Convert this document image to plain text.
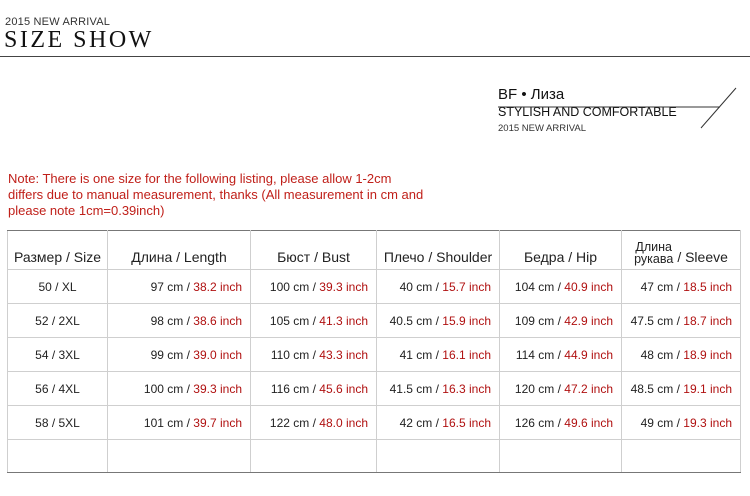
2015 NEW ARRIVAL
SIZE SHOW
BF • Лиза
STYLISH AND COMFORTABLE
2015 NEW ARRIVAL
Note: There is one size for the following listing, please allow 1-2cm differs due to manual measurement, thanks (All measurement in cm and please note 1cm=0.39inch)
Размер / Size	Длина / Length	Бюст / Bust	Плечо / Shoulder	Бедра / Hip	Длина
рукава / Sleeve

50 / XL	97 cm / 38.2 inch	100 cm / 39.3 inch	40 cm / 15.7 inch	104 cm / 40.9 inch	47 cm / 18.5 inch
52 / 2XL	98 cm / 38.6 inch	105 cm / 41.3 inch	40.5 cm / 15.9 inch	109 cm / 42.9 inch	47.5 cm / 18.7 inch
54 / 3XL	99 cm / 39.0 inch	110 cm / 43.3 inch	41 cm / 16.1 inch	114 cm / 44.9 inch	48 cm / 18.9 inch
56 / 4XL	100 cm / 39.3 inch	116 cm / 45.6 inch	41.5 cm / 16.3 inch	120 cm / 47.2 inch	48.5 cm / 19.1 inch
58 / 5XL	101 cm / 39.7 inch	122 cm / 48.0 inch	42 cm / 16.5 inch	126 cm / 49.6 inch	49 cm / 19.3 inch
